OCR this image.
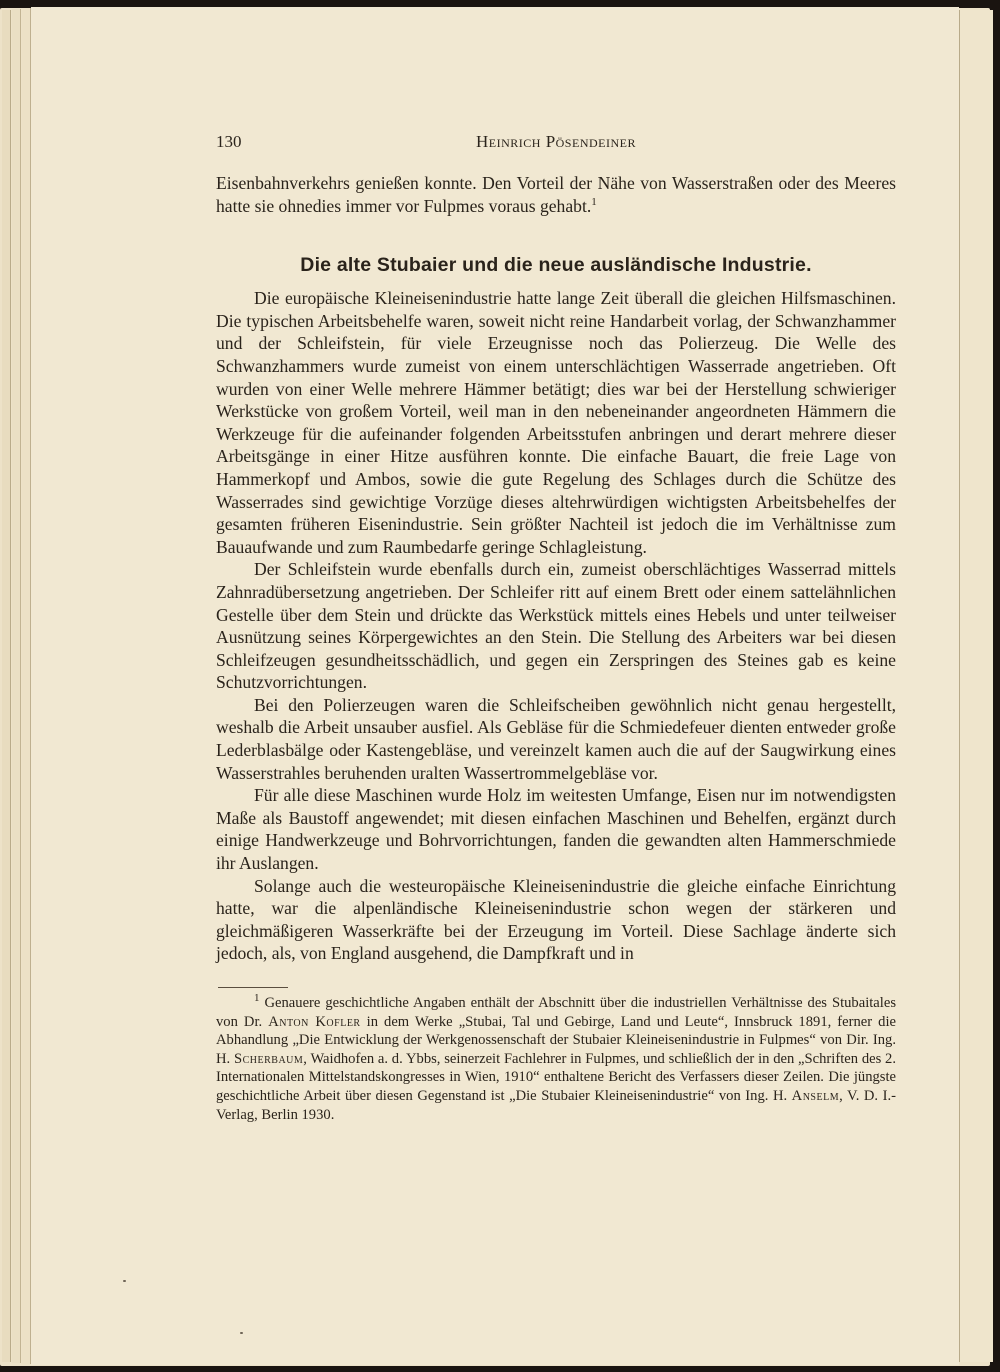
130	Heinrich Pösendeiner

Eisenbahnverkehrs genießen konnte. Den Vorteil der Nähe von Wasserstraßen oder des Meeres hatte sie ohnedies immer vor Fulpmes voraus gehabt.$^1$

Die alte Stubaier und die neue ausländische Industrie.

Die europäische Kleineisenindustrie hatte lange Zeit überall die gleichen Hilfsmaschinen. Die typischen Arbeitsbehelfe waren, soweit nicht reine Handarbeit vorlag, der Schwanzhammer und der Schleifstein, für viele Erzeugnisse noch das Polierzeug. Die Welle des Schwanzhammers wurde zumeist von einem unterschlächtigen Wasserrade angetrieben. Oft wurden von einer Welle mehrere Hämmer betätigt; dies war bei der Herstellung schwieriger Werkstücke von großem Vorteil, weil man in den nebeneinander angeordneten Hämmern die Werkzeuge für die aufeinander folgenden Arbeitsstufen anbringen und derart mehrere dieser Arbeitsgänge in einer Hitze ausführen konnte. Die einfache Bauart, die freie Lage von Hammerkopf und Ambos, sowie die gute Regelung des Schlages durch die Schütze des Wasserrades sind gewichtige Vorzüge dieses altehrwürdigen wichtigsten Arbeitsbehelfes der gesamten früheren Eisenindustrie. Sein größter Nachteil ist jedoch die im Verhältnisse zum Bauaufwande und zum Raumbedarfe geringe Schlagleistung.

Der Schleifstein wurde ebenfalls durch ein, zumeist oberschlächtiges Wasserrad mittels Zahnradübersetzung angetrieben. Der Schleifer ritt auf einem Brett oder einem sattelähnlichen Gestelle über dem Stein und drückte das Werkstück mittels eines Hebels und unter teilweiser Ausnützung seines Körpergewichtes an den Stein. Die Stellung des Arbeiters war bei diesen Schleifzeugen gesundheitsschädlich, und gegen ein Zerspringen des Steines gab es keine Schutzvorrichtungen.

Bei den Polierzeugen waren die Schleifscheiben gewöhnlich nicht genau hergestellt, weshalb die Arbeit unsauber ausfiel. Als Gebläse für die Schmiedefeuer dienten entweder große Lederblasbälge oder Kastengebläse, und vereinzelt kamen auch die auf der Saugwirkung eines Wasserstrahles beruhenden uralten Wassertrommelgebläse vor.

Für alle diese Maschinen wurde Holz im weitesten Umfange, Eisen nur im notwendigsten Maße als Baustoff angewendet; mit diesen einfachen Maschinen und Behelfen, ergänzt durch einige Handwerkzeuge und Bohrvorrichtungen, fanden die gewandten alten Hammerschmiede ihr Auslangen.

Solange auch die westeuropäische Kleineisenindustrie die gleiche einfache Einrichtung hatte, war die alpenländische Kleineisenindustrie schon wegen der stärkeren und gleichmäßigeren Wasserkräfte bei der Erzeugung im Vorteil. Diese Sachlage änderte sich jedoch, als, von England ausgehend, die Dampfkraft und in

$^1$ Genauere geschichtliche Angaben enthält der Abschnitt über die industriellen Verhältnisse des Stubaitales von Dr. Anton Kofler in dem Werke „Stubai, Tal und Gebirge, Land und Leute“, Innsbruck 1891, ferner die Abhandlung „Die Entwicklung der Werkgenossenschaft der Stubaier Kleineisenindustrie in Fulpmes“ von Dir. Ing. H. Scherbaum, Waidhofen a. d. Ybbs, seinerzeit Fachlehrer in Fulpmes, und schließlich der in den „Schriften des 2. Internationalen Mittelstandskongresses in Wien, 1910“ enthaltene Bericht des Verfassers dieser Zeilen. Die jüngste geschichtliche Arbeit über diesen Gegenstand ist „Die Stubaier Kleineisenindustrie“ von Ing. H. Anselm, V. D. I.-Verlag, Berlin 1930.
